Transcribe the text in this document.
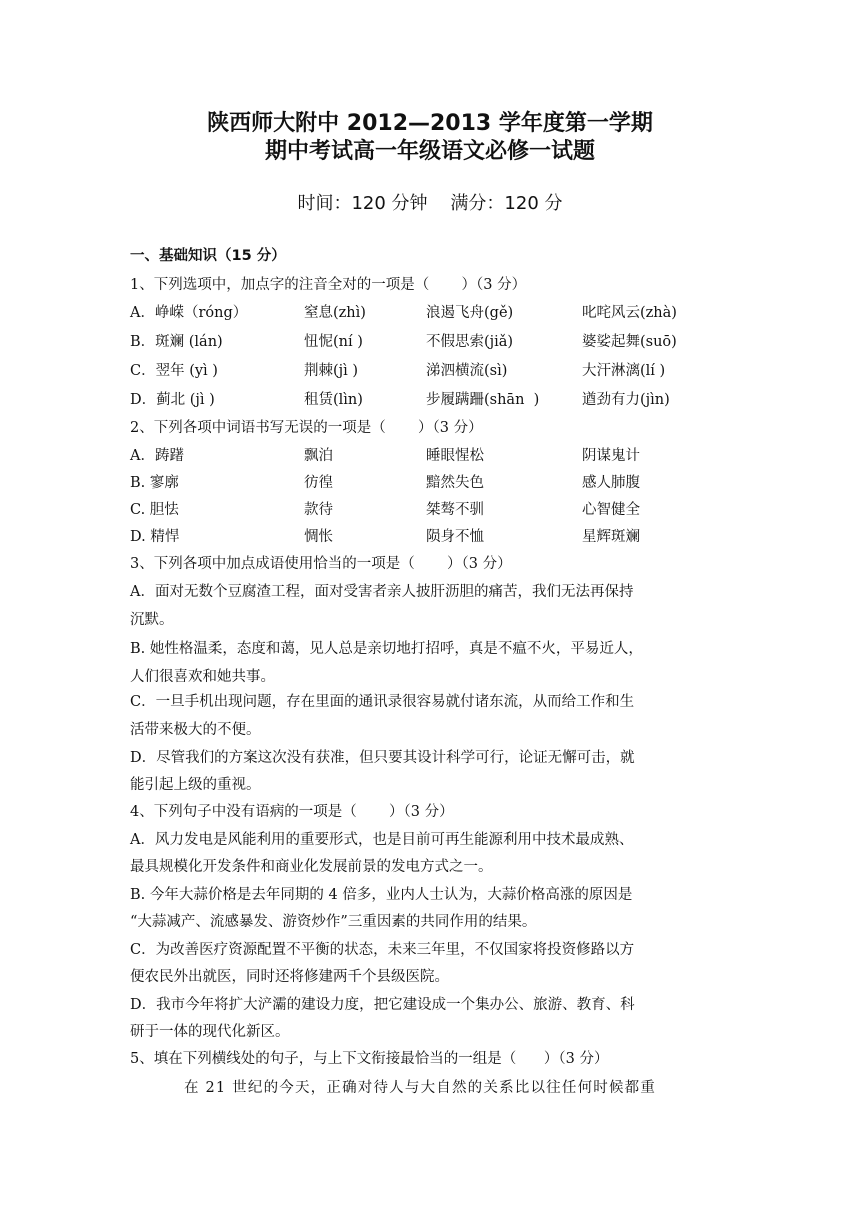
陕西师大附中 2012—2013 学年度第一学期
期中考试高一年级语文必修一试题
时间：120 分钟    满分：120 分
一、基础知识（15 分）
1、下列选项中，加点字的注音全对的一项是（       ）（3 分）
A．峥嵘（róng）	窒息(zhì)	浪遏飞舟(gě)	叱咤风云(zhà)
B．斑斓 (lán)	忸怩(ní )	不假思索(jiǎ)	婆娑起舞(suō)
C．翌年 (yì )	荆棘(jì )	涕泗横流(sì)	大汗淋漓(lí )
D．蓟北 (jì )	租赁(lìn)	步履蹒跚(shān  )	遒劲有力(jìn)
2、下列各项中词语书写无误的一项是（       ）（3 分）
A．踌躇	飘泊	睡眼惺松	阴谋鬼计
B. 寥廓	彷徨	黯然失色	感人肺腹
C. 胆怯	款待	桀骜不驯	心智健全
D. 精悍	惆怅	陨身不恤	星辉斑斓
3、下列各项中加点成语使用恰当的一项是（       ）（3 分）
A．面对无数个豆腐渣工程，面对受害者亲人披肝沥胆的痛苦，我们无法再保持
沉默。
B. 她性格温柔，态度和蔼，见人总是亲切地打招呼，真是不瘟不火，平易近人，
人们很喜欢和她共事。
C．一旦手机出现问题，存在里面的通讯录很容易就付诸东流，从而给工作和生
活带来极大的不便。
D．尽管我们的方案这次没有获准，但只要其设计科学可行，论证无懈可击，就
能引起上级的重视。
4、下列句子中没有语病的一项是（       ）（3 分）
A．风力发电是风能利用的重要形式，也是目前可再生能源利用中技术最成熟、
最具规模化开发条件和商业化发展前景的发电方式之一。
B. 今年大蒜价格是去年同期的 4 倍多，业内人士认为，大蒜价格高涨的原因是
“大蒜减产、流感暴发、游资炒作”三重因素的共同作用的结果。
C．为改善医疗资源配置不平衡的状态，未来三年里，不仅国家将投资修路以方
便农民外出就医，同时还将修建两千个县级医院。
D．我市今年将扩大浐灞的建设力度，把它建设成一个集办公、旅游、教育、科
研于一体的现代化新区。
5、填在下列横线处的句子，与上下文衔接最恰当的一组是（      ）（3 分）
在 21 世纪的今天，正确对待人与大自然的关系比以往任何时候都重
